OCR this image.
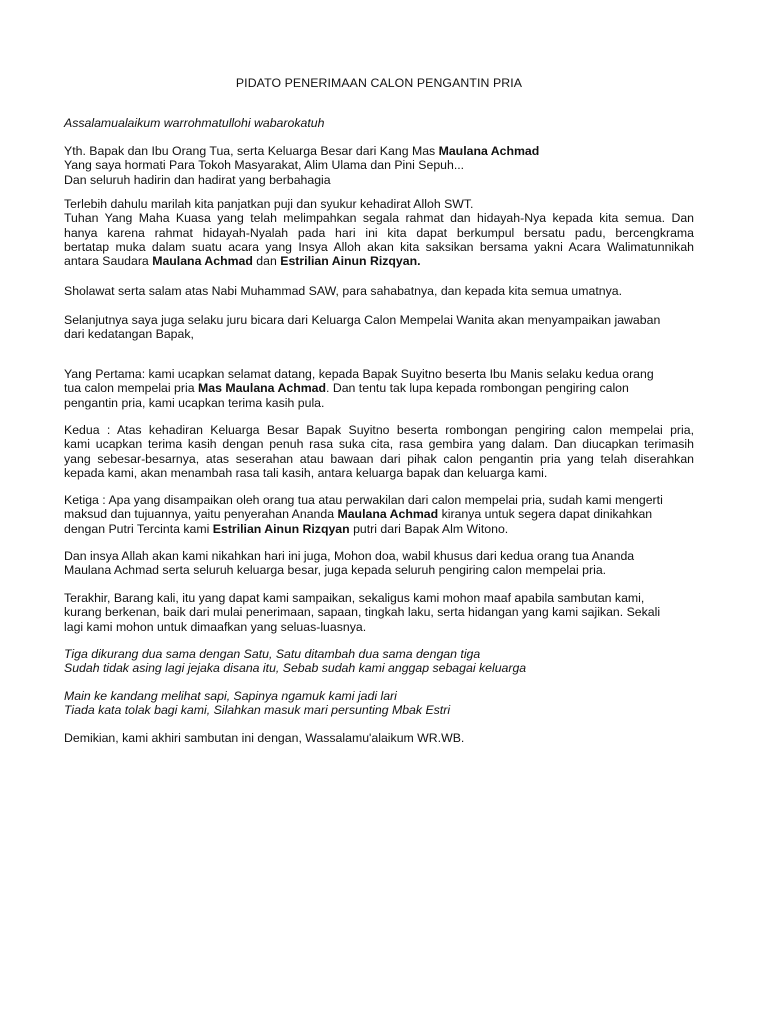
PIDATO PENERIMAAN CALON PENGANTIN PRIA

Assalamualaikum warrohmatullohi wabarokatuh

Yth. Bapak dan Ibu Orang Tua, serta Keluarga Besar dari Kang Mas Maulana Achmad
Yang saya hormati Para Tokoh Masyarakat, Alim Ulama dan Pini Sepuh...
Dan seluruh hadirin dan hadirat yang berbahagia

Terlebih dahulu marilah kita panjatkan puji dan syukur kehadirat Alloh SWT.
Tuhan Yang Maha Kuasa yang telah melimpahkan segala rahmat dan hidayah-Nya kepada kita semua. Dan
hanya karena rahmat hidayah-Nyalah pada hari ini kita dapat berkumpul bersatu padu, bercengkrama
bertatap muka dalam suatu acara yang Insya Alloh akan kita saksikan bersama yakni Acara Walimatunnikah
antara Saudara Maulana Achmad dan Estrilian Ainun Rizqyan.

Sholawat serta salam atas Nabi Muhammad SAW, para sahabatnya, dan kepada kita semua umatnya.

Selanjutnya saya juga selaku juru bicara dari Keluarga Calon Mempelai Wanita akan menyampaikan jawaban
dari kedatangan Bapak,

Yang Pertama: kami ucapkan selamat datang, kepada Bapak Suyitno beserta Ibu Manis selaku kedua orang
tua calon mempelai pria Mas Maulana Achmad. Dan tentu tak lupa kepada rombongan pengiring calon
pengantin pria, kami ucapkan terima kasih pula.

Kedua : Atas kehadiran Keluarga Besar Bapak Suyitno beserta rombongan pengiring calon mempelai pria,
kami ucapkan terima kasih dengan penuh rasa suka cita, rasa gembira yang dalam. Dan diucapkan terimasih
yang sebesar-besarnya, atas seserahan atau bawaan dari pihak calon pengantin pria yang telah diserahkan
kepada kami, akan menambah rasa tali kasih, antara keluarga bapak dan keluarga kami.

Ketiga : Apa yang disampaikan oleh orang tua atau perwakilan dari calon mempelai pria, sudah kami mengerti
maksud dan tujuannya, yaitu penyerahan Ananda Maulana Achmad kiranya untuk segera dapat dinikahkan
dengan Putri Tercinta kami Estrilian Ainun Rizqyan putri dari Bapak Alm Witono.

Dan insya Allah akan kami nikahkan hari ini juga, Mohon doa, wabil khusus dari kedua orang tua Ananda
Maulana Achmad serta seluruh keluarga besar, juga kepada seluruh pengiring calon mempelai pria.

Terakhir, Barang kali, itu yang dapat kami sampaikan, sekaligus kami mohon maaf apabila sambutan kami,
kurang berkenan, baik dari mulai penerimaan, sapaan, tingkah laku, serta hidangan yang kami sajikan. Sekali
lagi kami mohon untuk dimaafkan yang seluas-luasnya.

Tiga dikurang dua sama dengan Satu, Satu ditambah dua sama dengan tiga
Sudah tidak asing lagi jejaka disana itu, Sebab sudah kami anggap sebagai keluarga

Main ke kandang melihat sapi, Sapinya ngamuk kami jadi lari
Tiada kata tolak bagi kami, Silahkan masuk mari persunting Mbak Estri

Demikian, kami akhiri sambutan ini dengan, Wassalamu'alaikum WR.WB.
